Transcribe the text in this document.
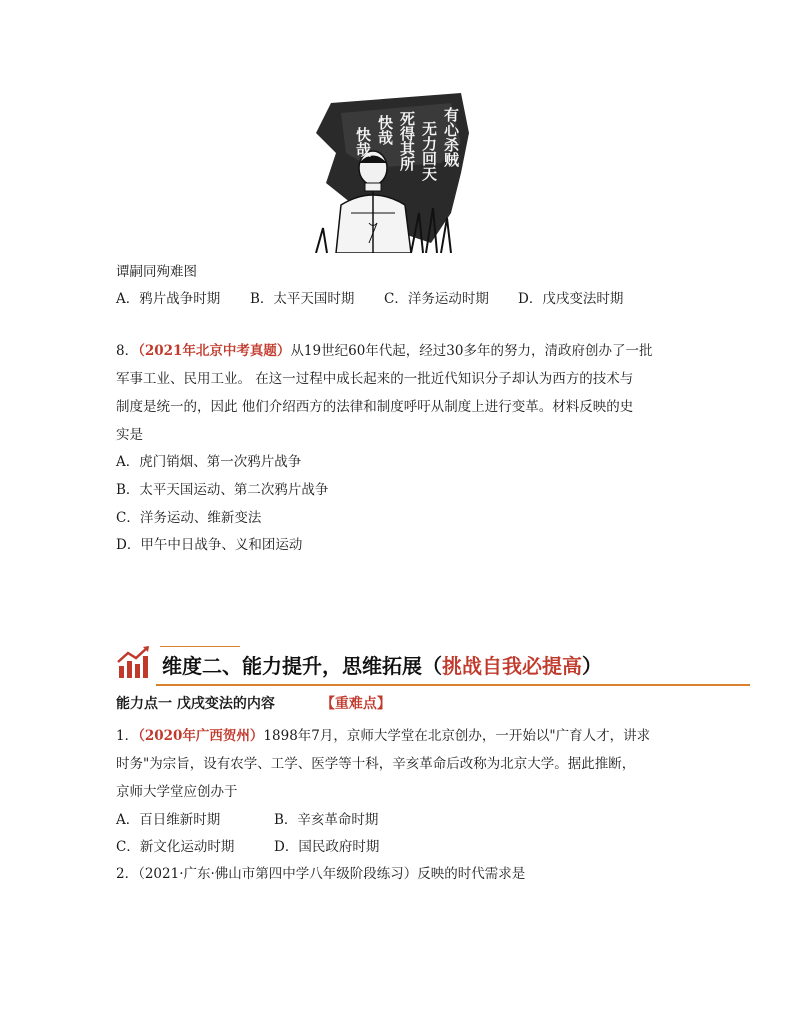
有心杀贼
无力回天
死得其所
快哉
快哉
谭嗣同殉难图
A．鸦片战争时期 B．太平天国时期 C．洋务运动时期 D．戊戌变法时期
8．（2021年北京中考真题）从19世纪60年代起，经过30多年的努力，清政府创办了一批
军事工业、民用工业。 在这一过程中成长起来的一批近代知识分子却认为西方的技术与
制度是统一的，因此 他们介绍西方的法律和制度呼吁从制度上进行变革。材料反映的史
实是
A．虎门销烟、第一次鸦片战争
B．太平天国运动、第二次鸦片战争
C．洋务运动、维新变法
D．甲午中日战争、义和团运动
维度二、能力提升，思维拓展（挑战自我必提高）
能力点一 戊戌变法的内容	【重难点】
1．（2020年广西贺州）1898年7月，京师大学堂在北京创办，一开始以"广育人才，讲求
时务"为宗旨，设有农学、工学、医学等十科，辛亥革命后改称为北京大学。据此推断，
京师大学堂应创办于
A．百日维新时期	B．辛亥革命时期
C．新文化运动时期	D．国民政府时期
2．（2021·广东·佛山市第四中学八年级阶段练习）反映的时代需求是
